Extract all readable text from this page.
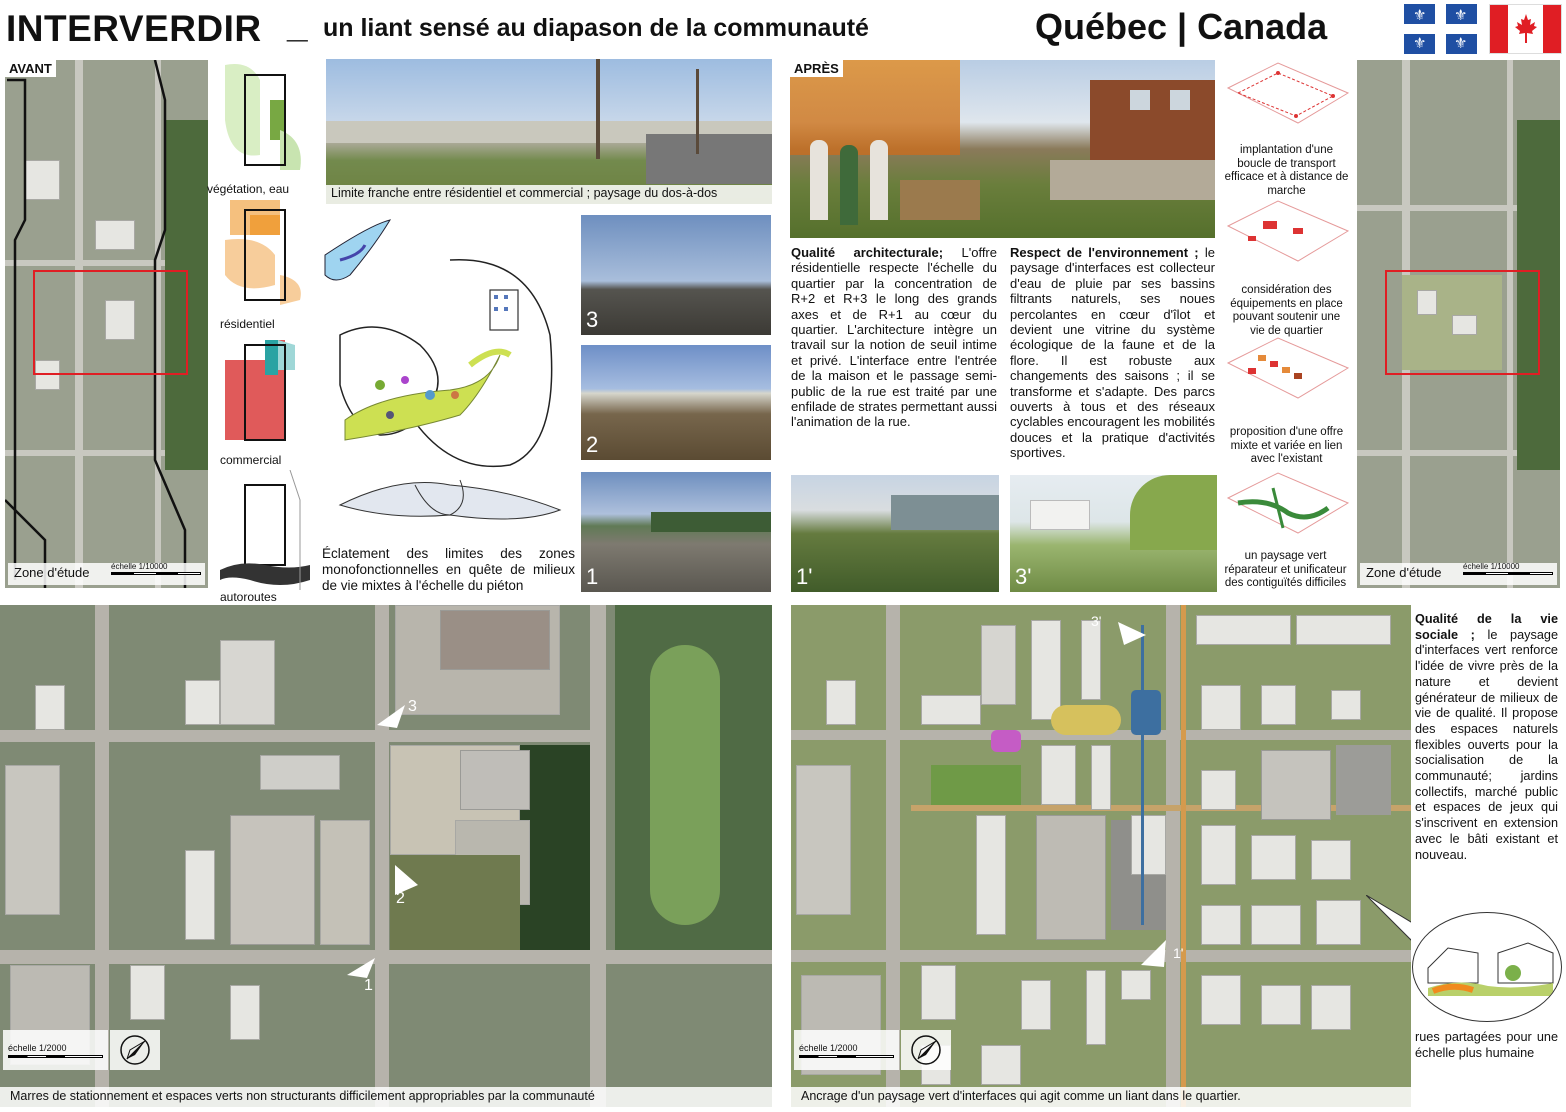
INTERVERDIR _ un liant sensé au diapason de la communauté	Québec | Canada	⚜ ⚜
⚜ ⚜
AVANT
Zone d'étude	échelle 1/10000
végétation, eau
résidentiel
commercial
autoroutes
Limite franche entre résidentiel et commercial ; paysage du dos-à-dos
Éclatement des limites des zones monofonctionnelles en quête de milieux de vie mixtes à l'échelle du piéton
3
2
1
APRÈS
Qualité architecturale; L'offre résidentielle respecte l'échelle du quartier par la concentration de R+2 et R+3 le long des grands axes et de R+1 au cœur du quartier. L'architecture intègre un travail sur la notion de seuil intime et privé. L'interface entre l'entrée de la maison et le passage semi-public de la rue est traité par une enfilade de strates permettant aussi l'animation de la rue.
Respect de l'environnement ; le paysage d'interfaces est collecteur d'eau de pluie par ses bassins filtrants naturels, ses noues percolantes en cœur d'îlot et devient une vitrine du système écologique de la faune et de la flore. Il est robuste aux changements des saisons ; il se transforme et s'adapte. Des parcs ouverts à tous et des réseaux cyclables encouragent les mobilités douces et la pratique d'activités sportives.
1'	3'
implantation d'une boucle de transport efficace et à distance de marche
considération des équipements en place pouvant soutenir une vie de quartier
proposition d'une offre mixte et variée en lien avec l'existant
un paysage vert réparateur et unificateur des contiguïtés difficiles
Zone d'étude	échelle 1/10000
3
2
1
échelle 1/2000
Marres de stationnement et espaces verts non structurants difficilement appropriables par la communauté
3'
1'
échelle 1/2000
Ancrage d'un paysage vert d'interfaces qui agit comme un liant dans le quartier.
Qualité de la vie sociale ; le paysage d'interfaces vert renforce l'idée de vivre près de la nature et devient générateur de milieux de vie de qualité. Il propose des espaces naturels flexibles ouverts pour la socialisation de la communauté; jardins collectifs, marché public et espaces de jeux qui s'inscrivent en extension avec le bâti existant et nouveau.
rues partagées pour une échelle plus humaine
